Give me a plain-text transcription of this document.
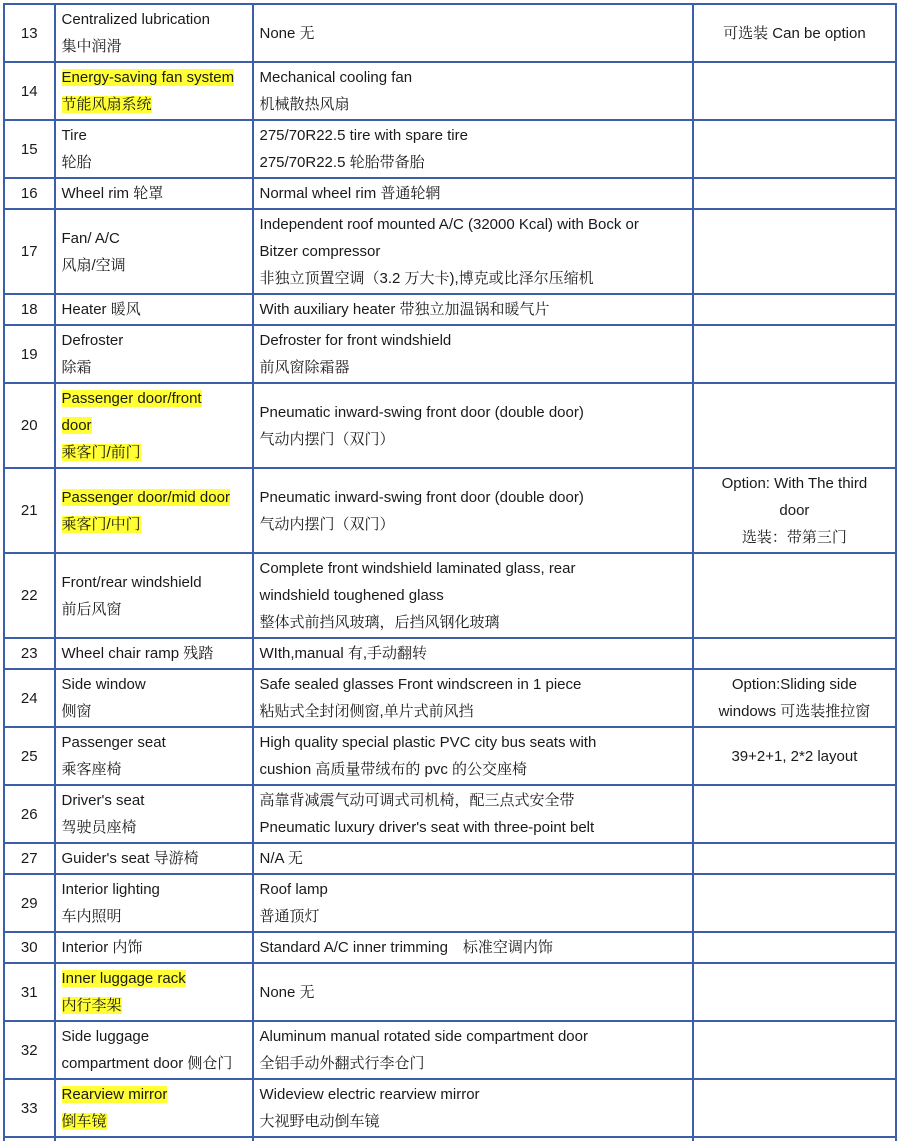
13	Centralized lubrication
集中润滑	None 无	可选装 Can be option

14	Energy-saving fan system
节能风扇系统	Mechanical cooling fan
机械散热风扇	

15	Tire
轮胎	275/70R22.5 tire with spare tire
275/70R22.5 轮胎带备胎	

16	Wheel rim 轮罩	Normal wheel rim 普通轮辋	

17	Fan/ A/C
风扇/空调	Independent roof mounted A/C (32000 Kcal) with Bock or
Bitzer compressor
非独立顶置空调（3.2 万大卡),博克或比泽尔压缩机	

18	Heater 暖风	With auxiliary heater 带独立加温锅和暖气片	

19	Defroster
除霜	Defroster for front windshield
前风窗除霜器	

20	Passenger door/front
door
乘客门/前门	Pneumatic inward-swing front door (double door)
气动内摆门（双门）	

21	Passenger door/mid door
乘客门/中门	Pneumatic inward-swing front door (double door)
气动内摆门（双门）	Option: With The third
door
选装：带第三门

22	Front/rear windshield
前后风窗	Complete front windshield laminated glass, rear
windshield toughened glass
整体式前挡风玻璃，后挡风钢化玻璃	

23	Wheel chair ramp 残踏	WIth,manual 有,手动翻转	

24	Side window
侧窗	Safe sealed glasses Front windscreen in 1 piece
粘贴式全封闭侧窗,单片式前风挡	Option:Sliding side
windows 可选装推拉窗

25	Passenger seat
乘客座椅	High quality special plastic PVC city bus seats with
cushion 高质量带绒布的 pvc 的公交座椅	39+2+1, 2*2 layout

26	Driver's seat
驾驶员座椅	高靠背减震气动可调式司机椅，配三点式安全带
Pneumatic luxury driver's seat with three-point belt	

27	Guider's seat 导游椅	N/A 无	

29	Interior lighting
车内照明	Roof lamp
普通顶灯	

30	Interior 内饰	Standard A/C inner trimming　标准空调内饰	

31	Inner luggage rack
内行李架	None 无	

32	Side luggage
compartment door 侧仓门	Aluminum manual rotated side compartment door
全铝手动外翻式行李仓门	

33	Rearview mirror
倒车镜	Wideview electric rearview mirror
大视野电动倒车镜	
